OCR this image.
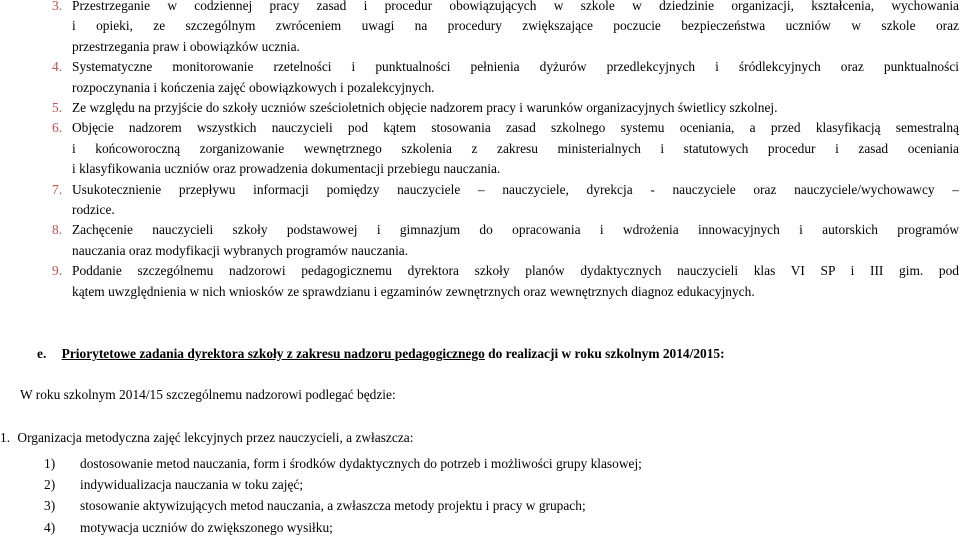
3. Przestrzeganie w codziennej pracy zasad i procedur obowiązujących w szkole w dziedzinie organizacji, kształcenia, wychowania
i opieki, ze szczególnym zwróceniem uwagi na procedury zwiększające poczucie bezpieczeństwa uczniów w szkole oraz
przestrzegania praw i obowiązków ucznia.
4. Systematyczne monitorowanie rzetelności i punktualności pełnienia dyżurów przedlekcyjnych i śródlekcyjnych oraz punktualności
rozpoczynania i kończenia zajęć obowiązkowych i pozalekcyjnych.
5. Ze względu na przyjście do szkoły uczniów sześcioletnich objęcie nadzorem pracy i warunków organizacyjnych świetlicy szkolnej.
6. Objęcie nadzorem wszystkich nauczycieli pod kątem stosowania zasad szkolnego systemu oceniania, a przed klasyfikacją semestralną
i końcoworoczną zorganizowanie wewnętrznego szkolenia z zakresu ministerialnych i statutowych procedur i zasad oceniania
i klasyfikowania uczniów oraz prowadzenia dokumentacji przebiegu nauczania.
7. Usukotecznienie przepływu informacji pomiędzy nauczyciele – nauczyciele, dyrekcja - nauczyciele oraz nauczyciele/wychowawcy –
rodzice.
8. Zachęcenie nauczycieli szkoły podstawowej i gimnazjum do opracowania i wdrożenia innowacyjnych i autorskich programów
nauczania oraz modyfikacji wybranych programów nauczania.
9. Poddanie szczególnemu nadzorowi pedagogicznemu dyrektora szkoły planów dydaktycznych nauczycieli klas VI SP i III gim. pod
kątem uwzględnienia w nich wniosków ze sprawdzianu i egzaminów zewnętrznych oraz wewnętrznych diagnoz edukacyjnych.
e. Priorytetowe zadania dyrektora szkoły z zakresu nadzoru pedagogicznego do realizacji w roku szkolnym 2014/2015:
W roku szkolnym 2014/15 szczególnemu nadzorowi podlegać będzie:
1. Organizacja metodyczna zajęć lekcyjnych przez nauczycieli, a zwłaszcza:
1) dostosowanie metod nauczania, form i środków dydaktycznych do potrzeb i możliwości grupy klasowej;
2) indywidualizacja nauczania w toku zajęć;
3) stosowanie aktywizujących metod nauczania, a zwłaszcza metody projektu i pracy w grupach;
4) motywacja uczniów do zwiększonego wysiłku;
